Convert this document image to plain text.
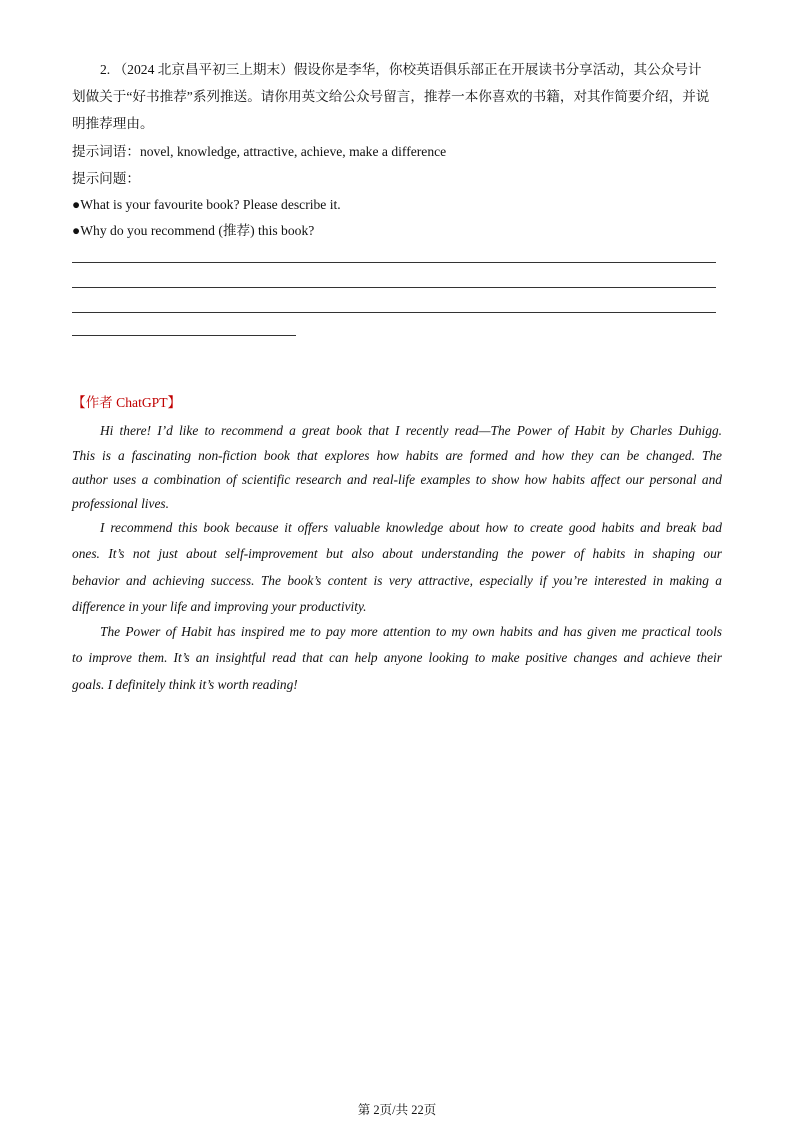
2. （2024 北京昌平初三上期末）假设你是李华，你校英语俱乐部正在开展读书分享活动，其公众号计
划做关于“好书推荐”系列推送。请你用英文给公众号留言，推荐一本你喜欢的书籍，对其作简要介绍，并说
明推荐理由。
提示词语：novel, knowledge, attractive, achieve, make a difference
提示问题：
●What is your favourite book? Please describe it.
●Why do you recommend (推荐) this book?
【作者 ChatGPT】
Hi there! I’d like to recommend a great book that I recently read—The Power of Habit by Charles Duhigg.
This is a fascinating non-fiction book that explores how habits are formed and how they can be changed. The
author uses a combination of scientific research and real-life examples to show how habits affect our personal and
professional lives.
I recommend this book because it offers valuable knowledge about how to create good habits and break bad
ones. It’s not just about self-improvement but also about understanding the power of habits in shaping our
behavior and achieving success. The book’s content is very attractive, especially if you’re interested in making a
difference in your life and improving your productivity.
The Power of Habit has inspired me to pay more attention to my own habits and has given me practical tools
to improve them. It’s an insightful read that can help anyone looking to make positive changes and achieve their
goals. I definitely think it’s worth reading!
第 2页/共 22页
